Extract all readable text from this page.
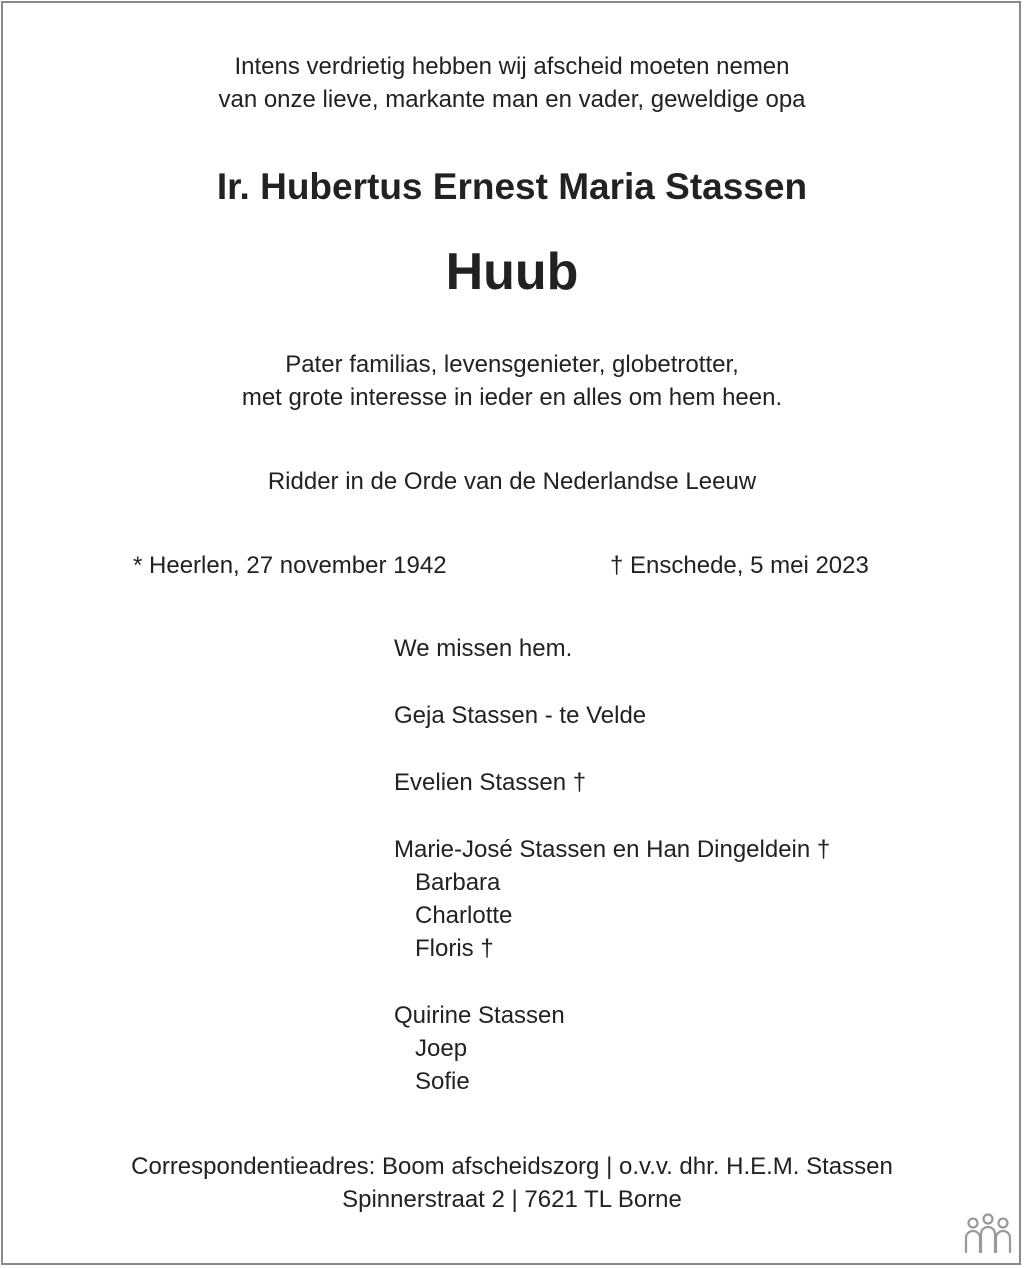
Intens verdrietig hebben wij afscheid moeten nemen
van onze lieve, markante man en vader, geweldige opa
Ir. Hubertus Ernest Maria Stassen
Huub
Pater familias, levensgenieter, globetrotter,
met grote interesse in ieder en alles om hem heen.
Ridder in de Orde van de Nederlandse Leeuw
* Heerlen, 27 november 1942	† Enschede, 5 mei 2023
We missen hem.
Geja Stassen - te Velde
Evelien Stassen †
Marie-José Stassen en Han Dingeldein †
Barbara
Charlotte
Floris †
Quirine Stassen
Joep
Sofie
Correspondentieadres: Boom afscheidszorg | o.v.v. dhr. H.E.M. Stassen
Spinnerstraat 2 | 7621 TL Borne
